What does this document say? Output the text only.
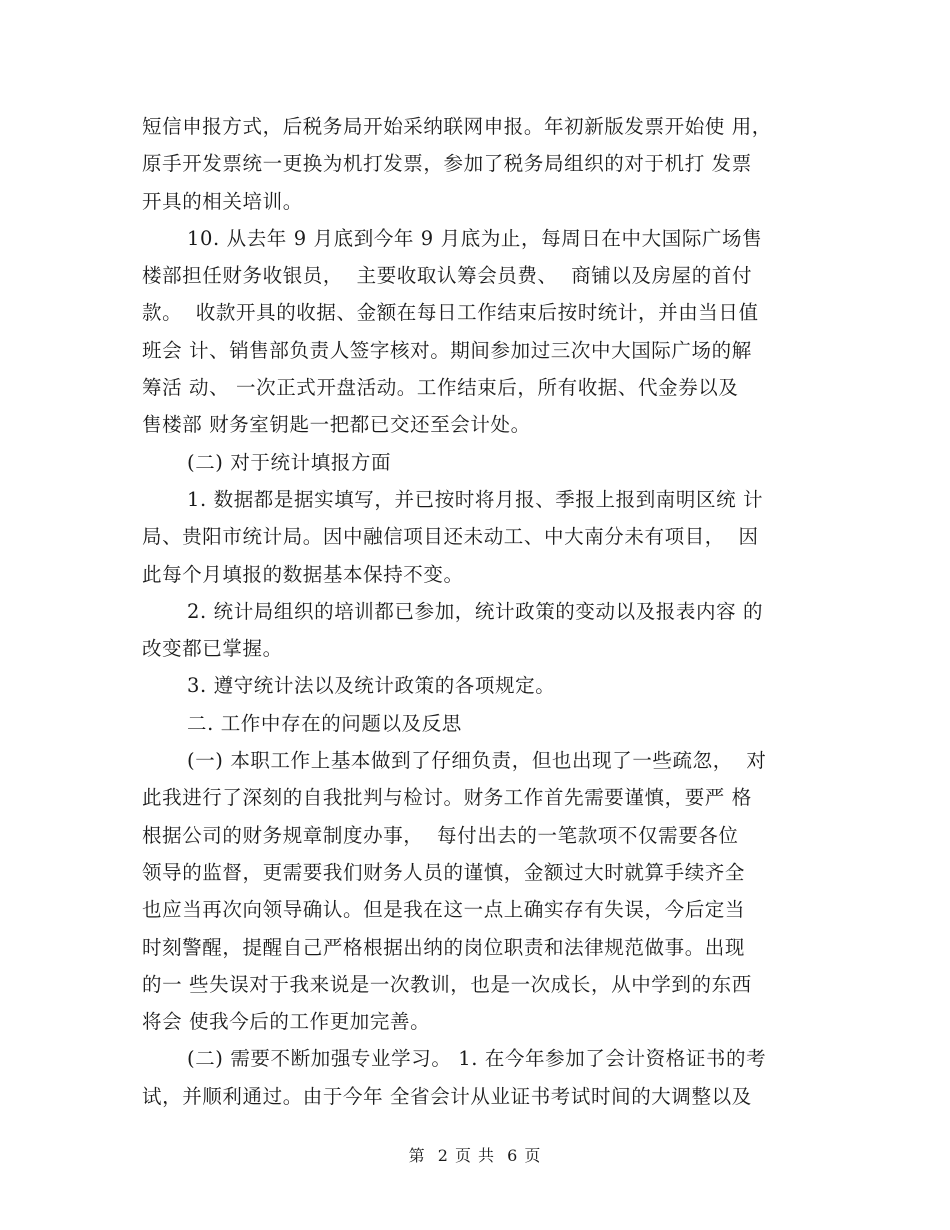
短信申报方式，后税务局开始采纳联网申报。年初新版发票开始使 用，
原手开发票统一更换为机打发票，参加了税务局组织的对于机打 发票
开具的相关培训。
10. 从去年 9 月底到今年 9 月底为止，每周日在中大国际广场售
楼部担任财务收银员，  主要收取认筹会员费、  商铺以及房屋的首付
款。  收款开具的收据、金额在每日工作结束后按时统计，并由当日值
班会 计、销售部负责人签字核对。期间参加过三次中大国际广场的解
筹活 动、 一次正式开盘活动。工作结束后，所有收据、代金券以及
售楼部 财务室钥匙一把都已交还至会计处。
(二) 对于统计填报方面
1. 数据都是据实填写，并已按时将月报、季报上报到南明区统 计
局、贵阳市统计局。因中融信项目还未动工、中大南分未有项目，  因
此每个月填报的数据基本保持不变。
2. 统计局组织的培训都已参加，统计政策的变动以及报表内容 的
改变都已掌握。
3. 遵守统计法以及统计政策的各项规定。
二. 工作中存在的问题以及反思
(一) 本职工作上基本做到了仔细负责，但也出现了一些疏忽，  对
此我进行了深刻的自我批判与检讨。财务工作首先需要谨慎，要严 格
根据公司的财务规章制度办事，  每付出去的一笔款项不仅需要各位
领导的监督，更需要我们财务人员的谨慎，金额过大时就算手续齐全
也应当再次向领导确认。但是我在这一点上确实存有失误，今后定当
时刻警醒，提醒自己严格根据出纳的岗位职责和法律规范做事。出现
的一 些失误对于我来说是一次教训，也是一次成长，从中学到的东西
将会 使我今后的工作更加完善。
(二) 需要不断加强专业学习。 1. 在今年参加了会计资格证书的考
试，并顺利通过。由于今年 全省会计从业证书考试时间的大调整以及
第 2 页 共 6 页
